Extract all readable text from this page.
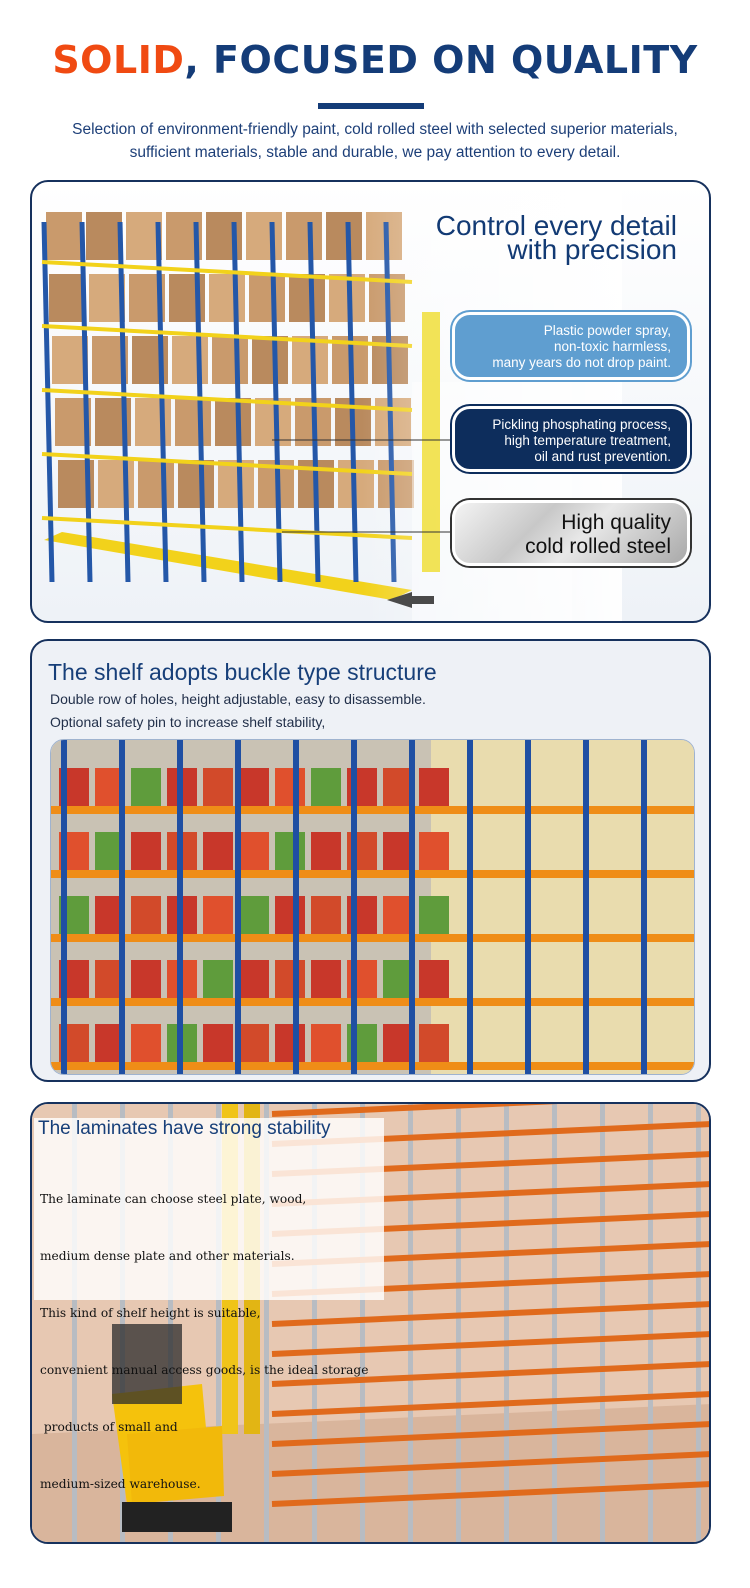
SOLID, FOCUSED ON QUALITY
Selection of environment-friendly paint, cold rolled steel with selected superior materials,
sufficient materials, stable and durable, we pay attention to every detail.
Control every detail
with precision
Plastic powder spray,
non-toxic harmless,
many years do not drop paint.
Pickling phosphating process,
high temperature treatment,
oil and rust prevention.
High quality
cold rolled steel
The shelf adopts buckle type structure
Double row of holes, height adjustable, easy to disassemble.
Optional safety pin to increase shelf stability,
The laminates have strong stability

The laminate can choose steel plate, wood,

medium dense plate and other materials.

This kind of shelf height is suitable,

convenient manual access goods, is the ideal storage

products of small and

medium-sized warehouse.
